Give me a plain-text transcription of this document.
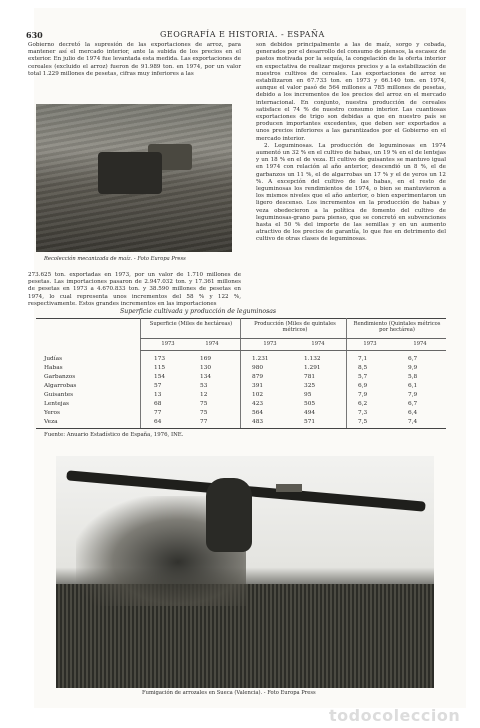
630	GEOGRAFÍA E HISTORIA. - ESPAÑA

Gobierno decretó la supresión de las exportaciones de arroz, para mantener así el mercado interior, ante la subida de los precios en el exterior. En julio de 1974 fue levantada esta medida. Las exportaciones de cereales (excluido el arroz) fueron de 91.989 ton. en 1974, por un valor total 1.229 millones de pesetas, cifras muy inferiores a las

Recolección mecanizada de maíz. - Foto Europa Press

273.625 ton. exportadas en 1973, por un valor de 1.710 millones de pesetas. Las importaciones pasaron de 2.947.032 ton. y 17.361 millones de pesetas en 1973 a 4.670.833 ton. y 38.590 millones de pesetas en 1974, lo cual representa unos incrementos del 58 % y 122 %, respectivamente. Estos grandes incrementos en las importaciones

son debidos principalmente a las de maíz, sorgo y cebada, generados por el desarrollo del consumo de piensos, la escasez de pastos motivada por la sequía, la congelación de la oferta interior en expectativa de realizar mejores precios y a la estabilización de nuestros cultivos de cereales. Las exportaciones de arroz se estabilizaron en 67.733 ton. en 1973 y 66.140 ton. en 1974, aunque el valor pasó de 564 millones a 785 millones de pesetas, debido a los incrementos de los precios del arroz en el mercado internacional. En conjunto, nuestra producción de cereales satisface el 74 % de nuestro consumo interior. Las cuantiosas exportaciones de trigo son debidas a que en nuestro país se producen importantes excedentes, que deben ser exportados a unos precios inferiores a las garantizados por el Gobierno en el mercado interior.

2. Leguminosas. La producción de leguminosas en 1974 aumentó un 32 % en el cultivo de habas, un 19 % en el de lentejas y un 18 % en el de veza. El cultivo de guisantes se mantuvo igual en 1974 con relación al año anterior, descendió un 8 %, el de garbanzos un 11 %, el de algarrobas un 17 % y el de yeros un 12 %. A excepción del cultivo de las habas, en el resto de leguminosas los rendimientos de 1974, o bien se mantuvieron a los mismos niveles que el año anterior, o bien experimentaron un ligero descenso. Los incrementos en la producción de habas y veza obedecieron a la política de fomento del cultivo de leguminosas-grano para pienso, que se concretó en subvenciones hasta el 50 % del importe de las semillas y en un aumento atractivo de los precios de garantía, lo que fue en detrimento del cultivo de otras clases de leguminosas.

Superficie cultivada y producción de leguminosas
Superficie (Miles de hectáreas)	Producción (Miles de quintales métricos)
Rendimiento (Quintales métricos por hectárea)
1973	1974	1973	1974	1973	1974
Judías	173	169	1.231	1.132	7,1	6,7
Habas	115	130	980	1.291	8,5	9,9
Garbanzos	154	134	879	781	5,7	5,8
Algarrobas	57	53	391	325	6,9	6,1
Guisantes	13	12	102	95	7,9	7,9
Lentejas	68	75	423	505	6,2	6,7
Yeros	77	75	564	494	7,3	6,4
Veza	64	77	483	571	7,5	7,4
Fuente: Anuario Estadístico de España, 1976, INE.
Fumigación de arrozales en Sueca (Valencia). - Foto Europa Press
todocoleccion
